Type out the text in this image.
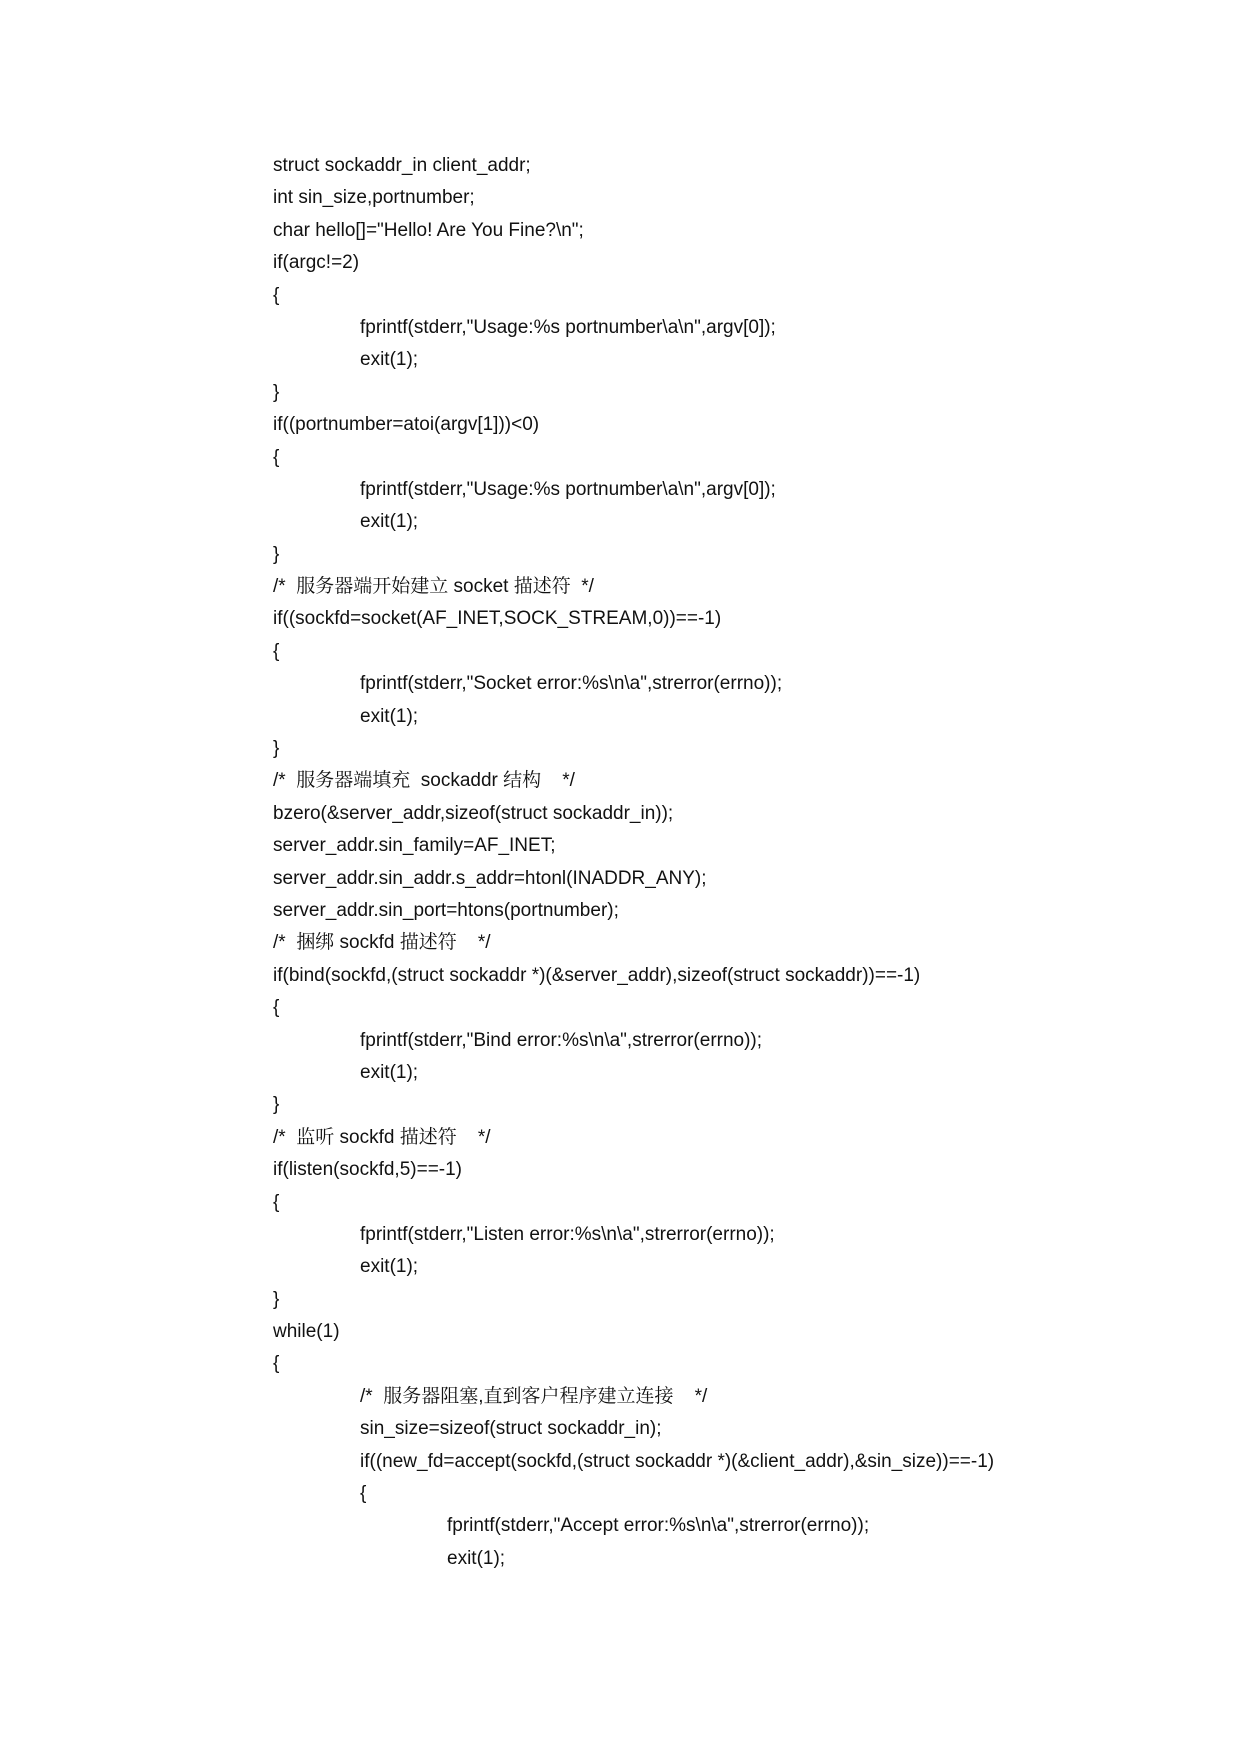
struct sockaddr_in client_addr;
int sin_size,portnumber;
char hello[]="Hello! Are You Fine?\n";
if(argc!=2)
{
fprintf(stderr,"Usage:%s portnumber\a\n",argv[0]);
exit(1);
}
if((portnumber=atoi(argv[1]))<0)
{
fprintf(stderr,"Usage:%s portnumber\a\n",argv[0]);
exit(1);
}
/*  服务器端开始建立 socket 描述符  */
if((sockfd=socket(AF_INET,SOCK_STREAM,0))==-1)
{
fprintf(stderr,"Socket error:%s\n\a",strerror(errno));
exit(1);
}
/*  服务器端填充  sockaddr 结构    */
bzero(&server_addr,sizeof(struct sockaddr_in));
server_addr.sin_family=AF_INET;
server_addr.sin_addr.s_addr=htonl(INADDR_ANY);
server_addr.sin_port=htons(portnumber);
/*  捆绑 sockfd 描述符    */
if(bind(sockfd,(struct sockaddr *)(&server_addr),sizeof(struct sockaddr))==-1)
{
fprintf(stderr,"Bind error:%s\n\a",strerror(errno));
exit(1);
}
/*  监听 sockfd 描述符    */
if(listen(sockfd,5)==-1)
{
fprintf(stderr,"Listen error:%s\n\a",strerror(errno));
exit(1);
}
while(1)
{
/*  服务器阻塞,直到客户程序建立连接    */
sin_size=sizeof(struct sockaddr_in);
if((new_fd=accept(sockfd,(struct sockaddr *)(&client_addr),&sin_size))==-1)
{
fprintf(stderr,"Accept error:%s\n\a",strerror(errno));
exit(1);
